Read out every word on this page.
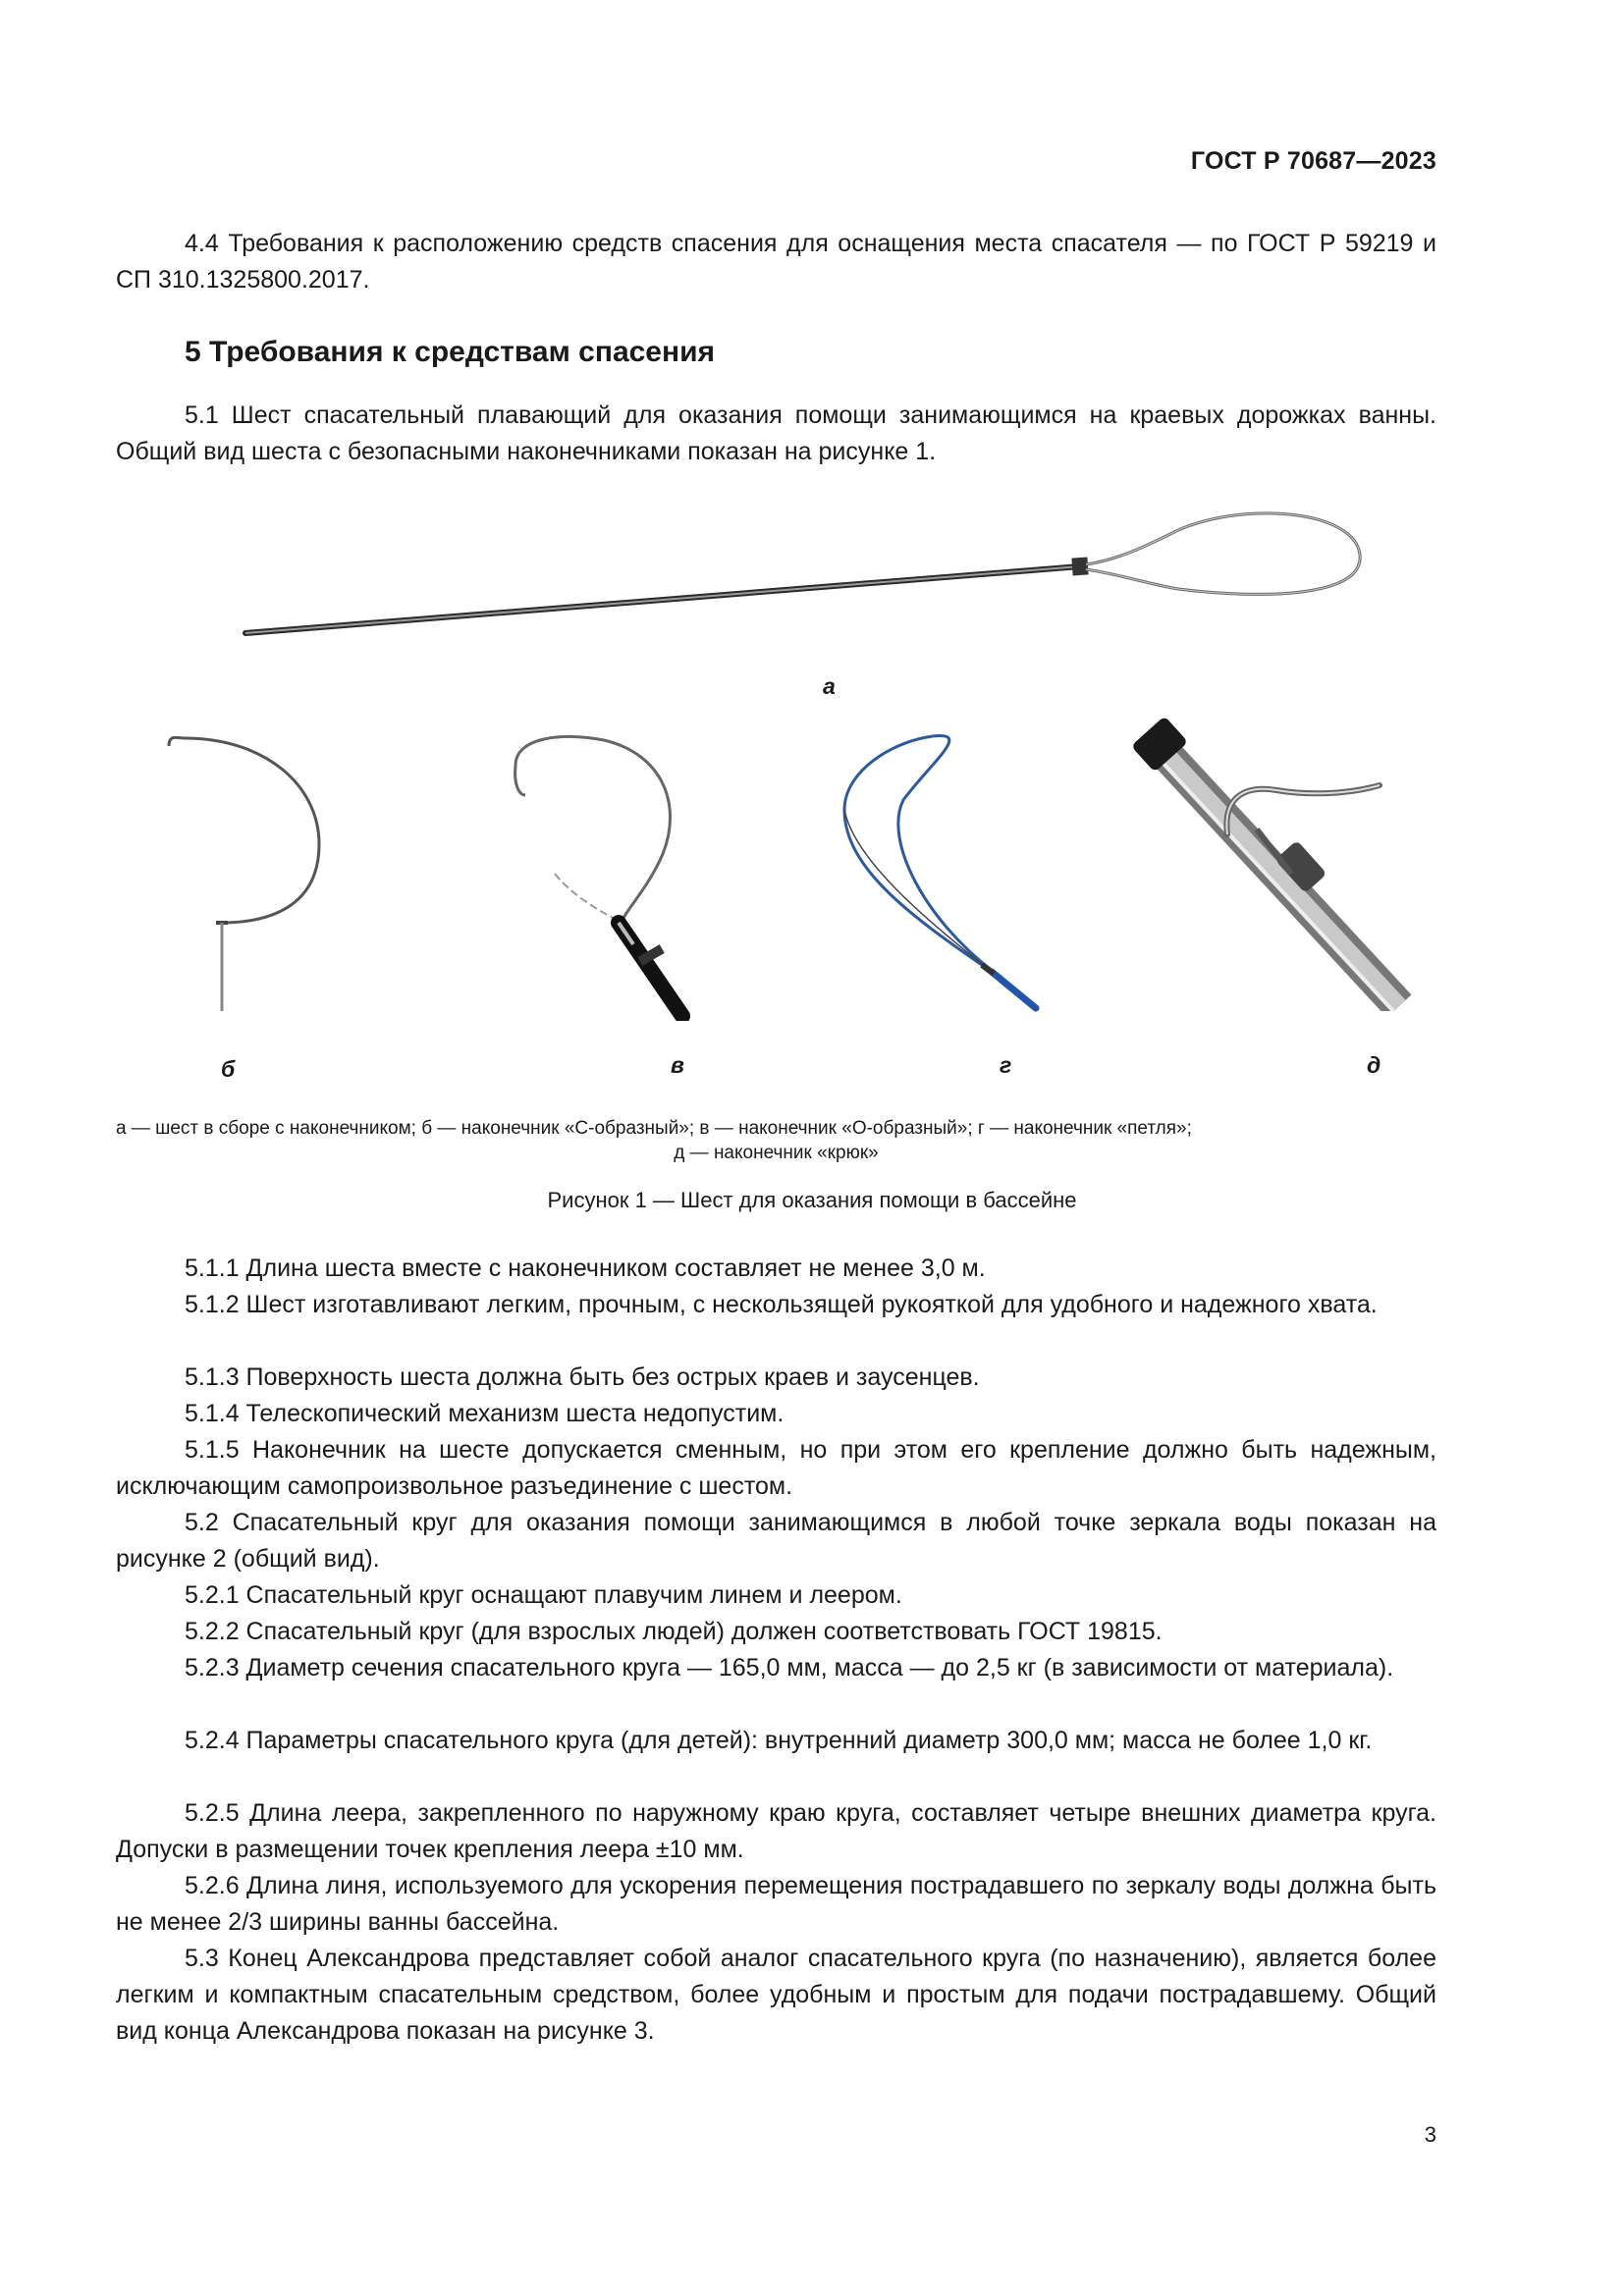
ГОСТ Р 70687—2023

4.4 Требования к расположению средств спасения для оснащения места спасателя — по ГОСТ Р 59219 и СП 310.1325800.2017.

5 Требования к средствам спасения

5.1 Шест спасательный плавающий для оказания помощи занимающимся на краевых дорожках ванны. Общий вид шеста с безопасными наконечниками показан на рисунке 1.

а
б	в	г	д

а — шест в сборе с наконечником; б — наконечник «С-образный»; в — наконечник «О-образный»; г — наконечник «петля»;
д — наконечник «крюк»

Рисунок 1 — Шест для оказания помощи в бассейне

5.1.1 Длина шеста вместе с наконечником составляет не менее 3,0 м.

5.1.2 Шест изготавливают легким, прочным, с нескользящей рукояткой для удобного и надежного хвата.

5.1.3 Поверхность шеста должна быть без острых краев и заусенцев.

5.1.4 Телескопический механизм шеста недопустим.

5.1.5 Наконечник на шесте допускается сменным, но при этом его крепление должно быть надежным, исключающим самопроизвольное разъединение с шестом.

5.2 Спасательный круг для оказания помощи занимающимся в любой точке зеркала воды показан на рисунке 2 (общий вид).

5.2.1 Спасательный круг оснащают плавучим линем и леером.

5.2.2 Спасательный круг (для взрослых людей) должен соответствовать ГОСТ 19815.

5.2.3 Диаметр сечения спасательного круга — 165,0 мм, масса — до 2,5 кг (в зависимости от материала).

5.2.4 Параметры спасательного круга (для детей): внутренний диаметр 300,0 мм; масса не более 1,0 кг.

5.2.5 Длина леера, закрепленного по наружному краю круга, составляет четыре внешних диаметра круга. Допуски в размещении точек крепления леера ±10 мм.

5.2.6 Длина линя, используемого для ускорения перемещения пострадавшего по зеркалу воды должна быть не менее 2/3 ширины ванны бассейна.

5.3 Конец Александрова представляет собой аналог спасательного круга (по назначению), является более легким и компактным спасательным средством, более удобным и простым для подачи пострадавшему. Общий вид конца Александрова показан на рисунке 3.

3
